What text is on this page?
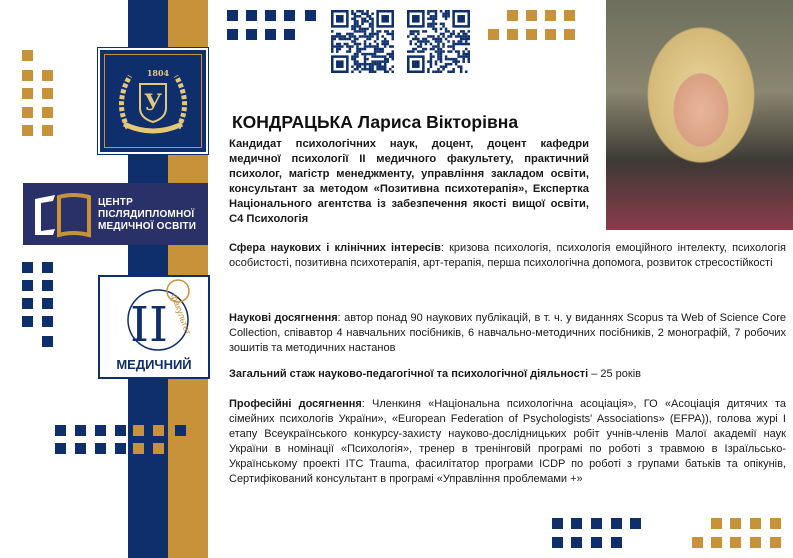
У
1804
ЦЕНТР
ПІСЛЯДИПЛОМНОЇ
МЕДИЧНОЇ ОСВІТИ
II факультет
МЕДИЧНИЙ
КОНДРАЦЬКА Лариса Вікторівна
Кандидат психологічних наук, доцент, доцент кафедри медичної психології II медичного факультету, практичний психолог, магістр менеджменту, управління закладом освіти, консультант за методом «Позитивна психотерапія», Експертка Національного агентства із забезпечення якості вищої освіти, С4 Психологія
Сфера наукових і клінічних інтересів: кризова психологія, психологія емоційного інтелекту, психологія особистості, позитивна психотерапія, арт-терапія, перша психологічна допомога, розвиток стресостійкості
Наукові досягнення: автор понад 90 наукових публікацій, в т. ч. у виданнях Scopus та Web of Science Core Collection, співавтор 4 навчальних посібників, 6 навчально-методичних посібників, 2 монографій, 7 робочих зошитів та методичних настанов
Загальний стаж науково-педагогічної та психологічної діяльності – 25 років
Професійні досягнення: Членкиня «Національна психологічна асоціація», ГО «Асоціація дитячих та сімейних психологів України», «European Federation of Psychologists' Associations» (EFPA)), голова журі І етапу Всеукраїнського конкурсу-захисту науково-дослідницьких робіт учнів-членів Малої академії наук України в номінації «Психологія», тренер в тренінговій програмі по роботі з травмою в Ізраїльсько-Українському проекті ITC Trauma, фасилітатор програми ICDP по роботі з групами батьків та опікунів, Сертифікований консультант в програмі «Управління проблемами +»
